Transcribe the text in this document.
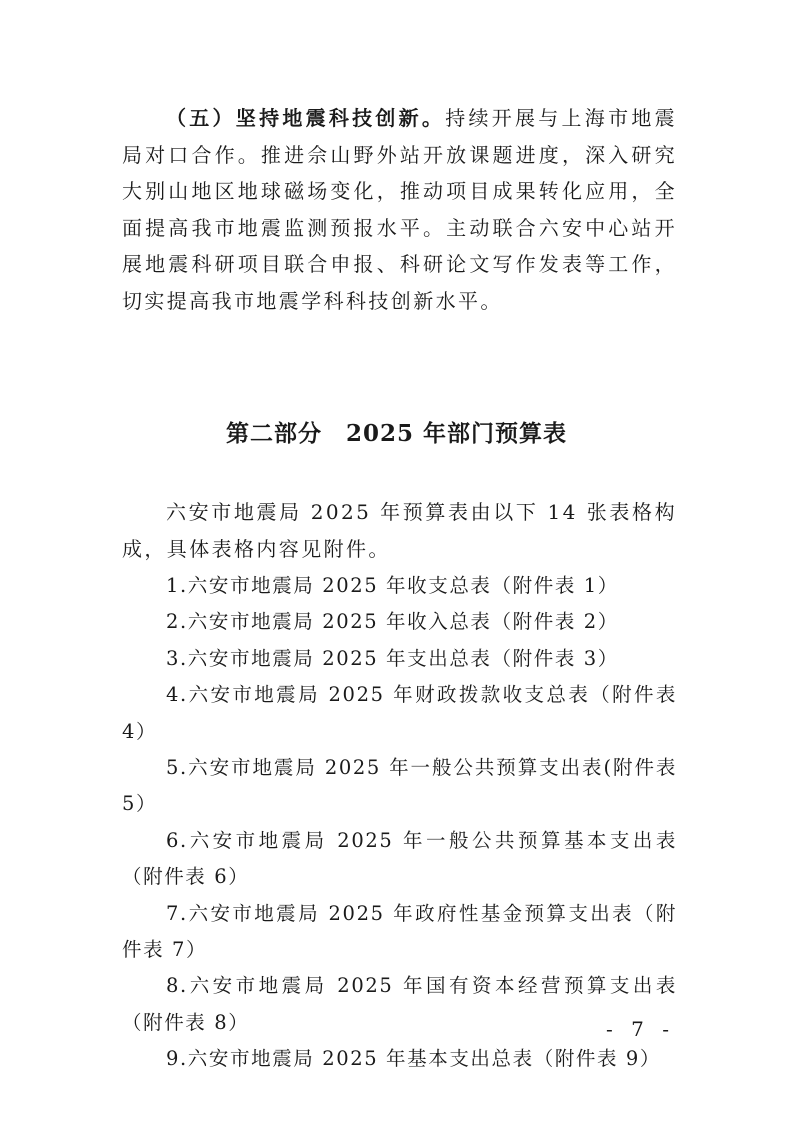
（五）坚持地震科技创新。持续开展与上海市地震局对口合作。推进佘山野外站开放课题进度，深入研究大别山地区地球磁场变化，推动项目成果转化应用，全面提高我市地震监测预报水平。主动联合六安中心站开展地震科研项目联合申报、科研论文写作发表等工作，切实提高我市地震学科科技创新水平。

第二部分　2025 年部门预算表

六安市地震局 2025 年预算表由以下 14 张表格构成，具体表格内容见附件。

1.六安市地震局 2025 年收支总表（附件表 1）
2.六安市地震局 2025 年收入总表（附件表 2）
3.六安市地震局 2025 年支出总表（附件表 3）
4.六安市地震局 2025 年财政拨款收支总表（附件表 4）
5.六安市地震局 2025 年一般公共预算支出表(附件表 5）
6.六安市地震局 2025 年一般公共预算基本支出表（附件表 6）
7.六安市地震局 2025 年政府性基金预算支出表（附件表 7）
8.六安市地震局 2025 年国有资本经营预算支出表（附件表 8）
9.六安市地震局 2025 年基本支出总表（附件表 9）
- 7 -
